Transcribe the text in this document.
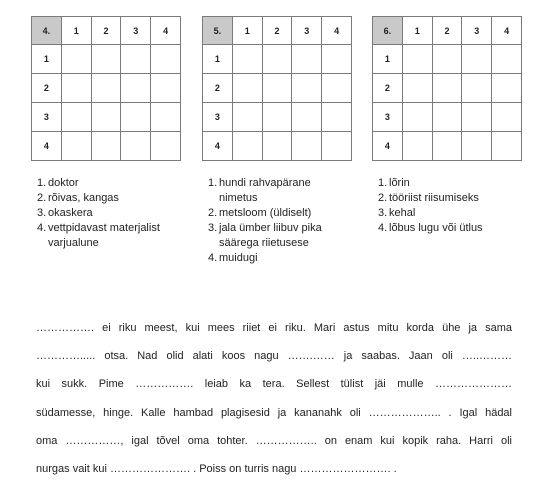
4.	1	2	3	4
1				
2				
3				
4				
5.	1	2	3	4
1				
2				
3				
4				
6.	1	2	3	4
1				
2				
3				
4				
1. doktor
2. rõivas, kangas
3. okaskera
4. vettpidavast materjalist varjualune
1. hundi rahvapärane nimetus
2. metsloom (üldiselt)
3. jala ümber liibuv pika säärega riietusese
4. muidugi
1. lõrin
2. tööriist riisumiseks
3. kehal
4. lõbus lugu või ütlus

……………. ei riku meest, kui mees riiet ei riku. Mari astus mitu korda ühe ja sama
…………..... otsa. Nad olid alati koos nagu …….…… ja saabas. Jaan oli …..………
kui sukk. Pime ……………. leiab ka tera. Sellest tülist jäi mulle …………………
südamesse, hinge. Kalle hambad plagisesid ja kananahk oli ……………….. . Igal hädal
oma ……………, igal tõvel oma tohter. …………….. on enam kui kopik raha. Harri oli
nurgas vait kui …………………. . Poiss on turris nagu ……………………. .
